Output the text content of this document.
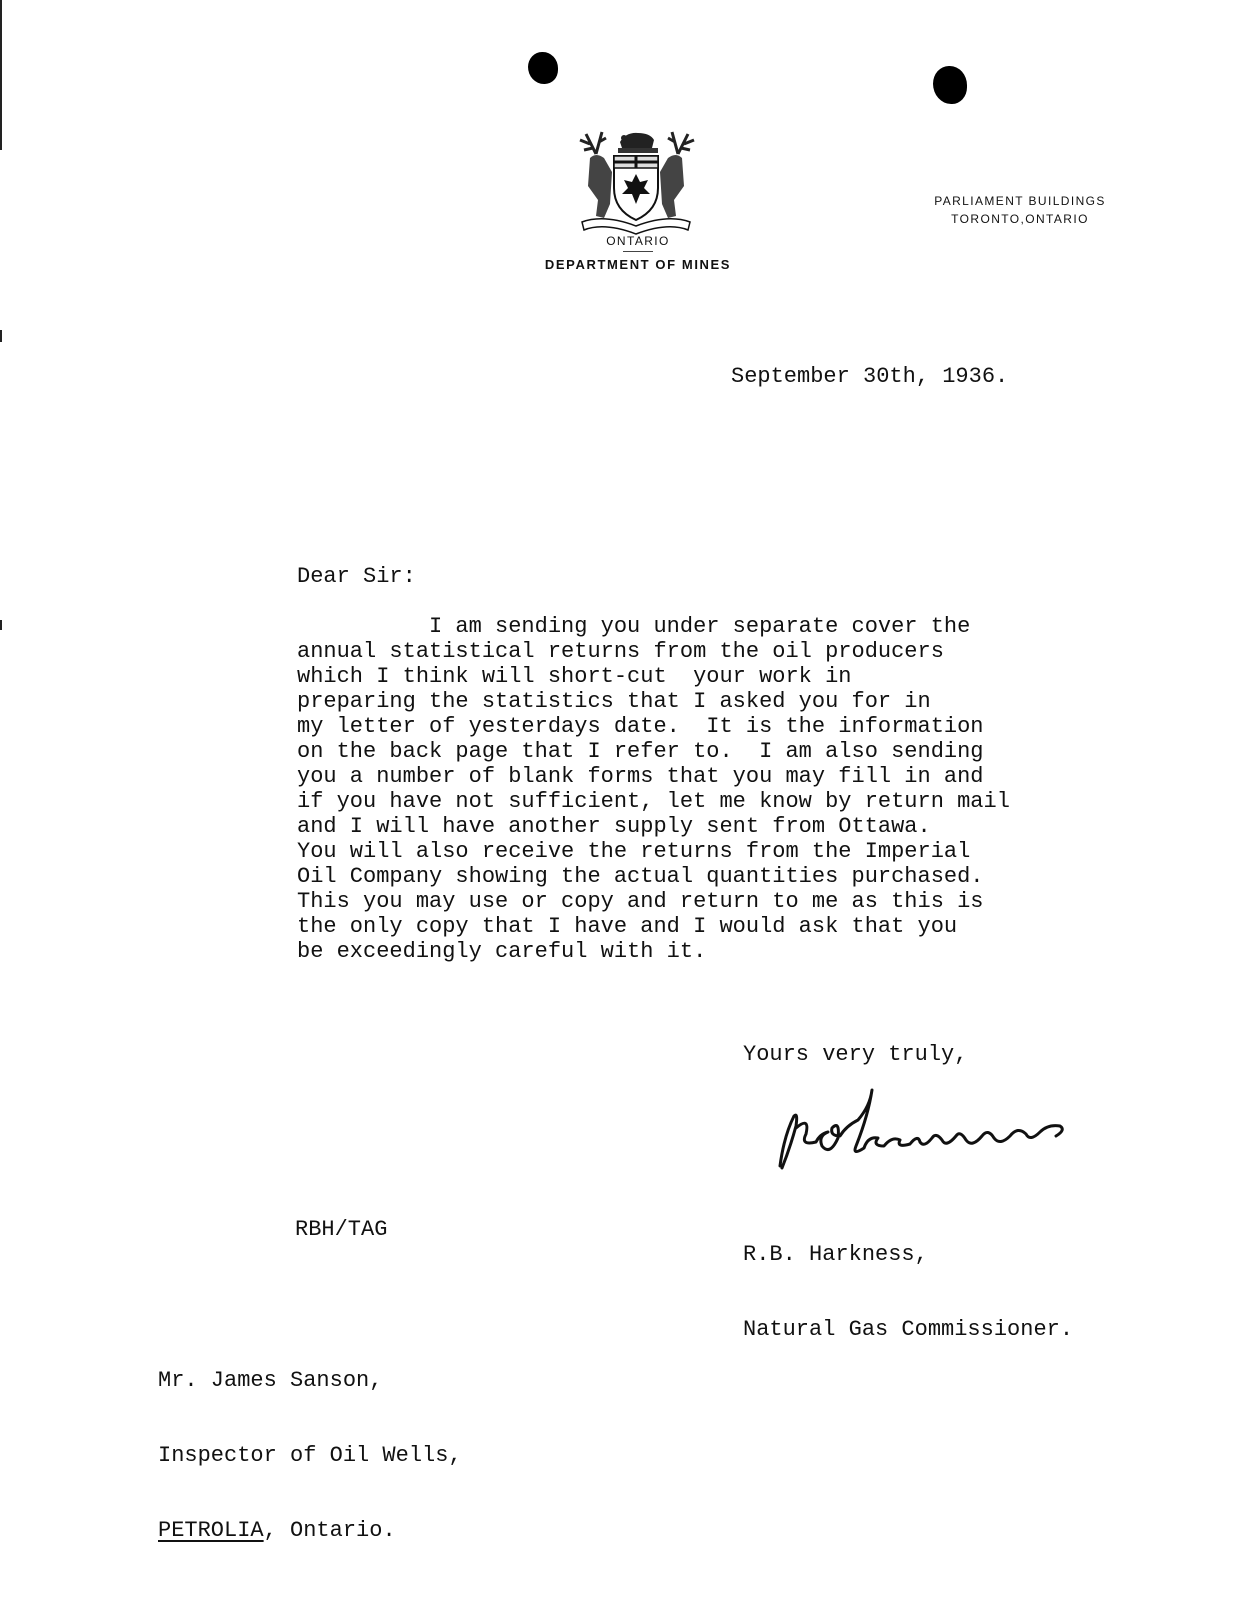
ONTARIO
DEPARTMENT OF MINES
PARLIAMENT BUILDINGS
TORONTO,ONTARIO
September 30th, 1936.
Dear Sir:
I am sending you under separate cover the
annual statistical returns from the oil producers
which I think will short-cut  your work in
preparing the statistics that I asked you for in
my letter of yesterdays date.  It is the information
on the back page that I refer to.  I am also sending
you a number of blank forms that you may fill in and
if you have not sufficient, let me know by return mail
and I will have another supply sent from Ottawa.
You will also receive the returns from the Imperial
Oil Company showing the actual quantities purchased.
This you may use or copy and return to me as this is
the only copy that I have and I would ask that you
be exceedingly careful with it.
Yours very truly,

R.B. Harkness,

Natural Gas Commissioner.

RBH/TAG

Mr. James Sanson,

Inspector of Oil Wells,

PETROLIA, Ontario.
